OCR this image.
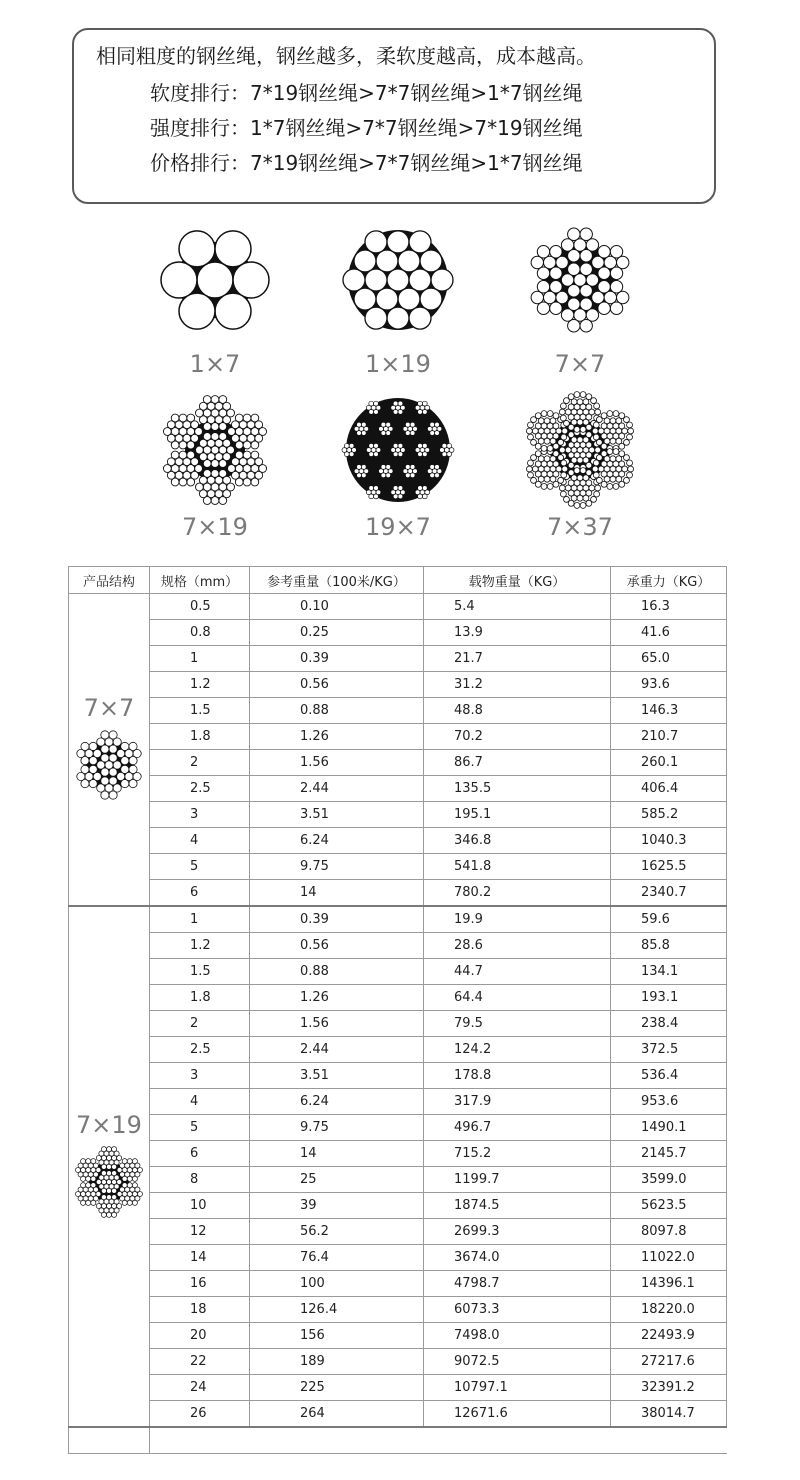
相同粗度的钢丝绳，钢丝越多，柔软度越高，成本越高。
软度排行：7*19钢丝绳>7*7钢丝绳>1*7钢丝绳
强度排行：1*7钢丝绳>7*7钢丝绳>7*19钢丝绳
价格排行：7*19钢丝绳>7*7钢丝绳>1*7钢丝绳
1×7	1×19	7×7
7×19	19×7	7×37
产品结构	规格（mm）	参考重量（100米/KG）	载物重量（KG）	承重力（KG）

7×7	0.5	0.10	5.4	16.3
	0.8	0.25	13.9	41.6
	1	0.39	21.7	65.0
	1.2	0.56	31.2	93.6
	1.5	0.88	48.8	146.3
	1.8	1.26	70.2	210.7
	2	1.56	86.7	260.1
	2.5	2.44	135.5	406.4
	3	3.51	195.1	585.2
	4	6.24	346.8	1040.3
	5	9.75	541.8	1625.5
	6	14	780.2	2340.7

7×19	1	0.39	19.9	59.6
	1.2	0.56	28.6	85.8
	1.5	0.88	44.7	134.1
	1.8	1.26	64.4	193.1
	2	1.56	79.5	238.4
	2.5	2.44	124.2	372.5
	3	3.51	178.8	536.4
	4	6.24	317.9	953.6
	5	9.75	496.7	1490.1
	6	14	715.2	2145.7
	8	25	1199.7	3599.0
	10	39	1874.5	5623.5
	12	56.2	2699.3	8097.8
	14	76.4	3674.0	11022.0
	16	100	4798.7	14396.1
	18	126.4	6073.3	18220.0
	20	156	7498.0	22493.9
	22	189	9072.5	27217.6
	24	225	10797.1	32391.2
	26	264	12671.6	38014.7
